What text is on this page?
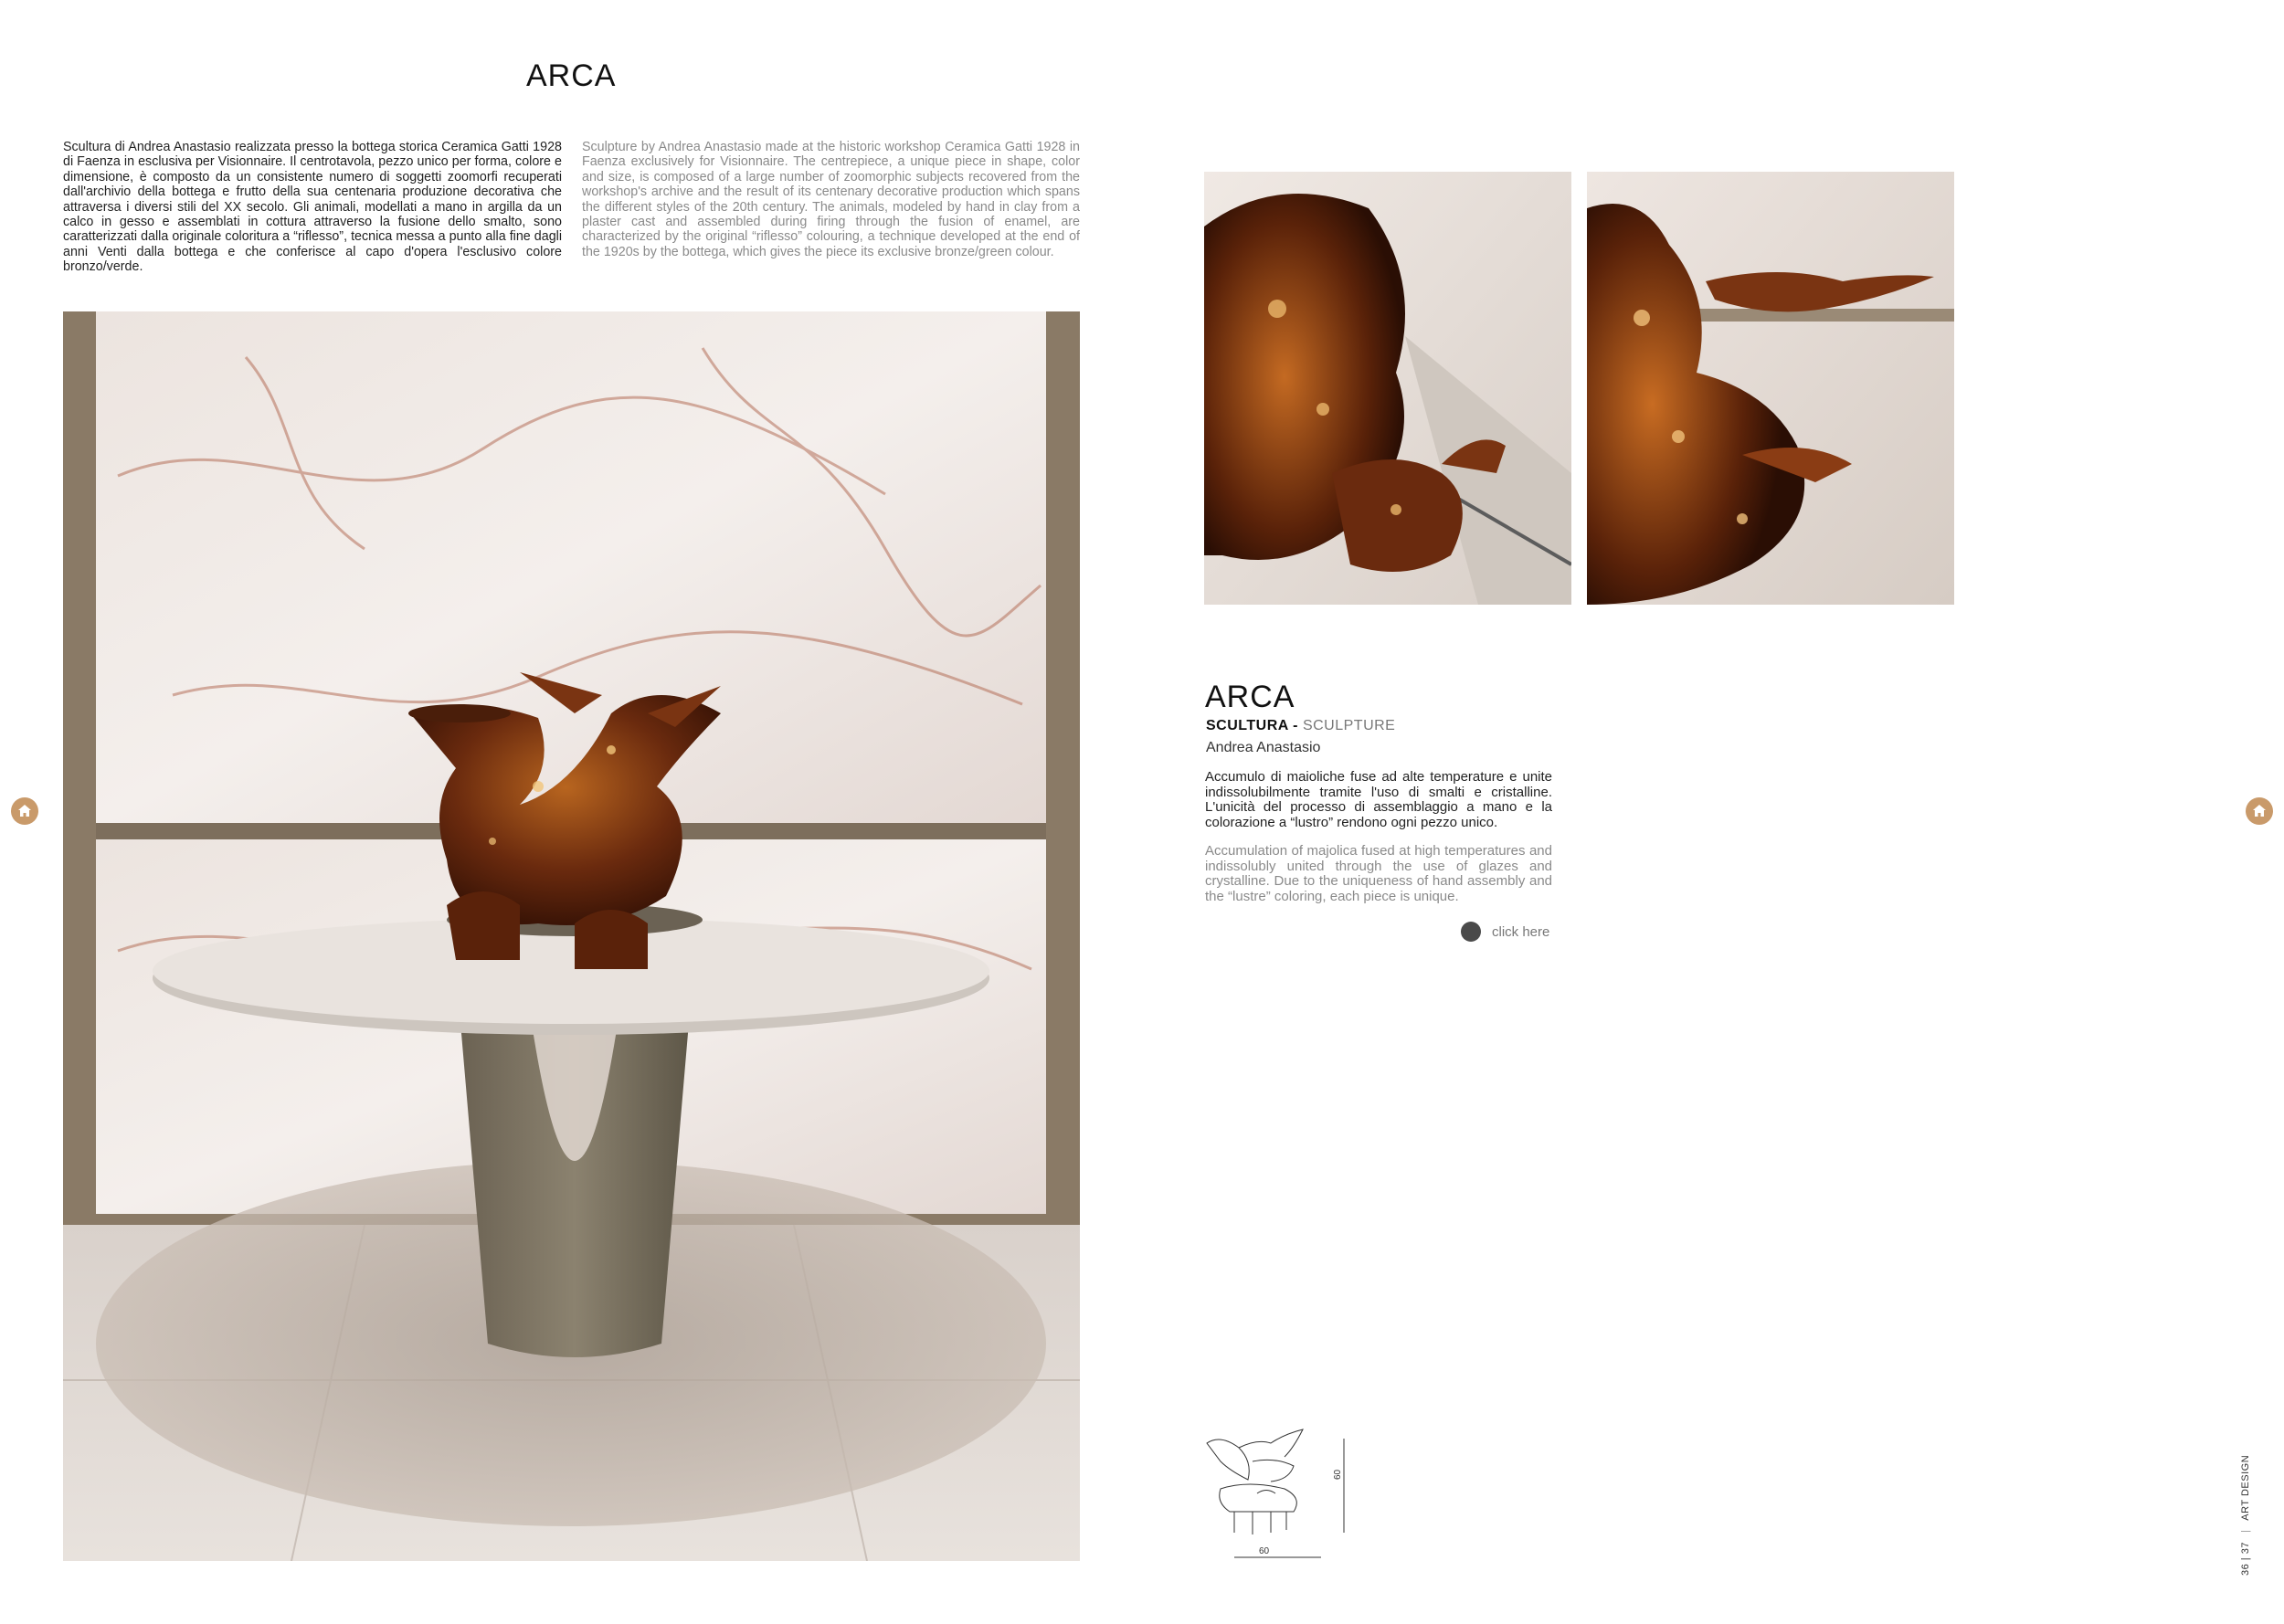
ARCA
Scultura di Andrea Anastasio realizzata presso la bottega storica Ceramica Gatti 1928 di Faenza in esclusiva per Visionnaire. Il centrotavola, pezzo unico per forma, colore e dimensione, è composto da un consistente numero di soggetti zoomorfi recuperati dall'archivio della bottega e frutto della sua centenaria produzione decorativa che attraversa i diversi stili del XX secolo. Gli animali, modellati a mano in argilla da un calco in gesso e assemblati in cottura attraverso la fusione dello smalto, sono caratterizzati dalla originale coloritura a “riflesso”, tecnica messa a punto alla fine dagli anni Venti dalla bottega e che conferisce al capo d'opera l'esclusivo colore bronzo/verde.
Sculpture by Andrea Anastasio made at the historic workshop Ceramica Gatti 1928 in Faenza exclusively for Visionnaire. The centrepiece, a unique piece in shape, color and size, is composed of a large number of zoomorphic subjects recovered from the workshop's archive and the result of its centenary decorative production which spans the different styles of the 20th century. The animals, modeled by hand in clay from a plaster cast and assembled during firing through the fusion of enamel, are characterized by the original “riflesso” colouring, a technique developed at the end of the 1920s by the bottega, which gives the piece its exclusive bronze/green colour.
ARCA
SCULTURA - SCULPTURE
Andrea Anastasio
Accumulo di maioliche fuse ad alte temperature e unite indissolubilmente tramite l'uso di smalti e cristalline. L'unicità del processo di assemblaggio a mano e la colorazione a “lustro” rendono ogni pezzo unico.
Accumulation of majolica fused at high temperatures and indissolubly united through the use of glazes and crystalline. Due to the uniqueness of hand assembly and the “lustre” coloring, each piece is unique.
click here
60
60
36 | 37|ART DESIGN
